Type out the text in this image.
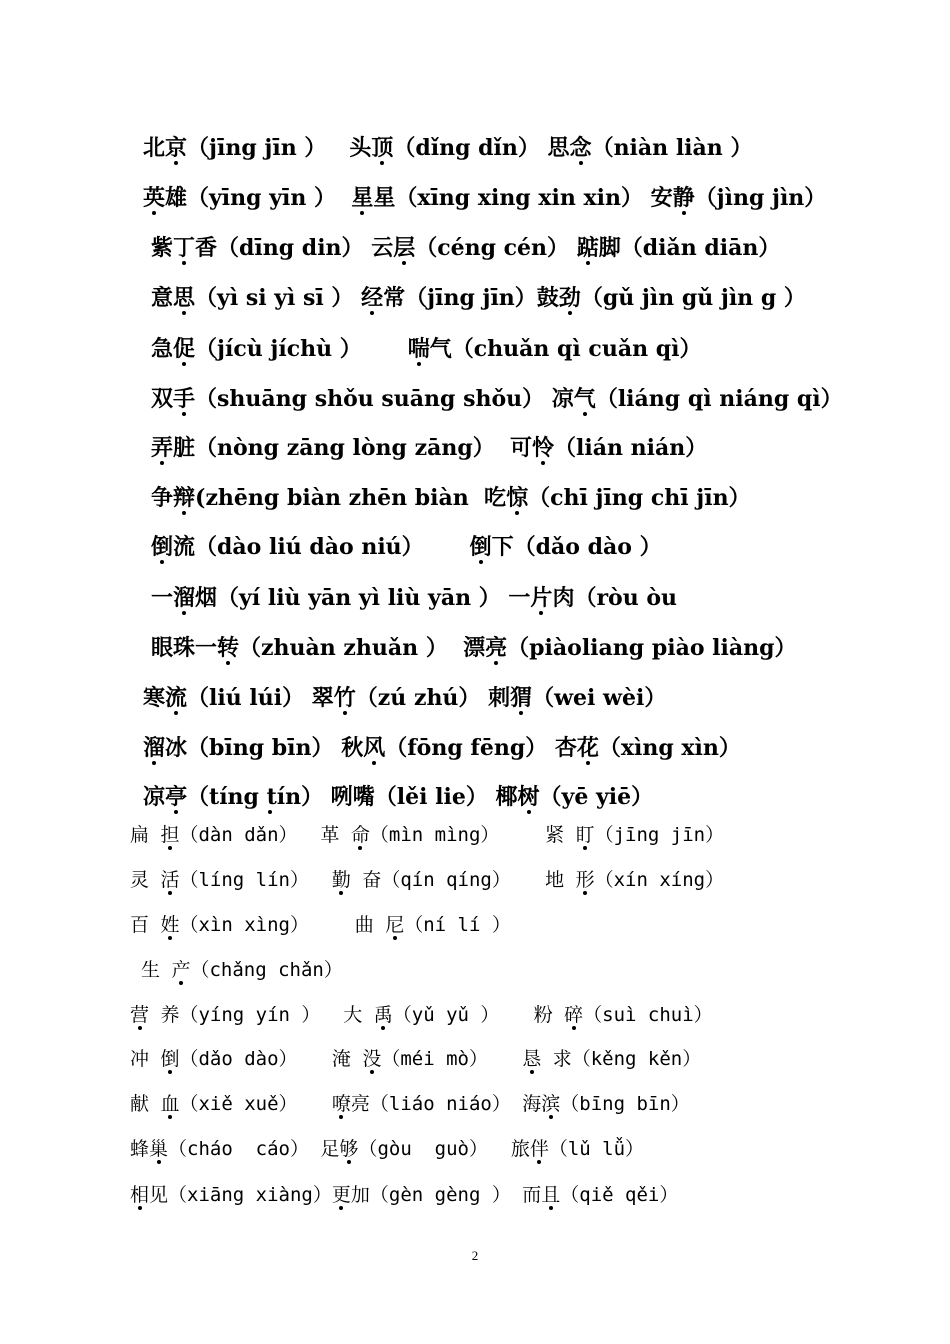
北京（jīng jīn ）   头顶（dǐng dǐn） 思念（niàn liàn ）
英雄（yīng yīn ）  星星（xīng xing xin xin） 安静（jìng jìn）
紫丁香（dīng din） 云层（céng cén） 踮脚（diǎn diān）
意思（yì si yì sī ） 经常（jīng jīn）鼓劲（gǔ jìn gǔ jìn g ）
急促（jícù jíchù ）      喘气（chuǎn qì cuǎn qì）
双手（shuāng shǒu suāng shǒu） 凉气（liáng qì niáng qì）
弄脏（nòng zāng lòng zāng）  可怜（lián nián）
争辩(zhēng biàn zhēn biàn  吃惊（chī jīng chī jīn）
倒流（dào liú dào niú）      倒下（dǎo dào ）
一溜烟（yí liù yān yì liù yān ） 一片肉（ròu òu
眼珠一转（zhuàn zhuǎn ）  漂亮（piàoliang piào liàng）
寒流（liú lúi） 翠竹（zú zhú） 刺猬（wei wèi）
溜冰（bīng bīn） 秋风（fōng fēng） 杏花（xìng xìn）
凉亭（tíng tín） 咧嘴（lěi lie） 椰树（yē yiē）
扁 担（dàn dǎn）  革 命（mìn mìng）    紧 盯（jīng jīn）
灵 活（líng lín）  勤 奋（qín qíng）   地 形（xín xíng）
百 姓（xìn xìng）    曲 尼（ní lí ）
生 产（chǎng chǎn）
营 养（yíng yín ）  大 禹（yǔ yǔ ）   粉 碎（suì chuì）
冲 倒（dǎo dào）   淹 没（méi mò）   恳 求（kěng kěn）
献 血（xiě xuě）   嘹亮（liáo niáo） 海滨（bīng bīn）
蜂巢（cháo  cáo） 足够（gòu  guò）  旅伴（lǔ lǚ）
相见（xiāng xiàng）更加（gèn gèng ） 而且（qiě qěi）
2
